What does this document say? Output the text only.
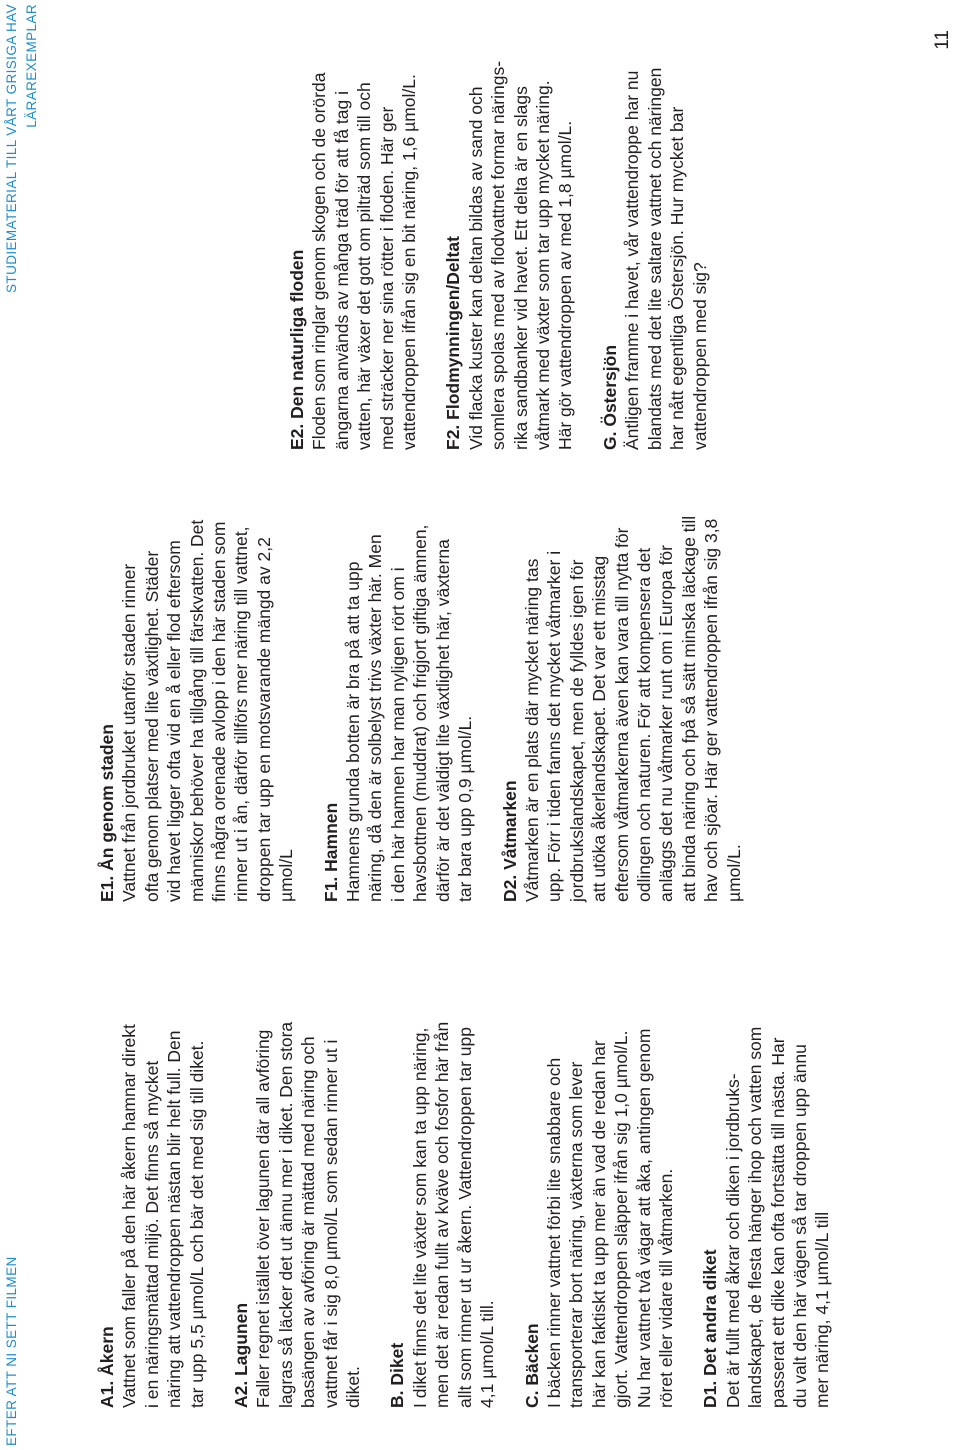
EFTER ATT NI SETT FILMEN
STUDIEMATERIAL TILL VÅRT GRISIGA HAV LÄRAREXEMPLAR
A1. Åkern Vattnet som faller på den här åkern hamnar direkt i en näringsmättad miljö. Det finns så mycket näring att vattendroppen nästan blir helt full. Den tar upp 5,5 µmol/L och bär det med sig till diket. A2. Lagunen Faller regnet istället över lagunen där all avföring lagras så läcker det ut ännu mer i diket. Den stora basängen av avföring är mättad med näring och vattnet får i sig 8,0 µmol/L som sedan rinner ut i diket. B. Diket I diket finns det lite växter som kan ta upp näring, men det är redan fullt av kväve och fosfor här från allt som rinner ut ur åkern. Vattendroppen tar upp 4,1 µmol/L till. C. Bäcken I bäcken rinner vattnet förbi lite snabbare och transporterar bort näring, växterna som lever här kan faktiskt ta upp mer än vad de redan har gjort. Vattendroppen släpper ifrån sig 1,0 µmol/L. Nu har vattnet två vägar att åka, antingen genom röret eller vidare till våtmarken. D1. Det andra diket Det är fullt med åkrar och diken i jordbruks- landskapet, de flesta hänger ihop och vatten som passerat ett dike kan ofta fortsätta till nästa. Har du valt den här vägen så tar droppen upp ännu mer näring, 4,1 µmol/L till

E1. Ån genom staden Vattnet från jordbruket utanför staden rinner ofta genom platser med lite växtlighet. Städer vid havet ligger ofta vid en å eller flod eftersom människor behöver ha tillgång till färskvatten. Det finns några orenade avlopp i den här staden som rinner ut i ån, därför tillförs mer näring till vattnet, droppen tar upp en motsvarande mängd av 2,2 µmol/L F1. Hamnen Hamnens grunda botten är bra på att ta upp näring, då den är solbelyst trivs växter här. Men i den här hamnen har man nyligen rört om i havsbottnen (muddrat) och frigjort giftiga ämnen, därför är det väldigt lite växtlighet här, växterna tar bara upp 0,9 µmol/L. D2. Våtmarken Våtmarken är en plats där mycket näring tas upp. Förr i tiden fanns det mycket våtmarker i jordbrukslandskapet, men de fylldes igen för att utöka åkerlandskapet. Det var ett misstag eftersom våtmarkerna även kan vara till nytta för odlingen och naturen. För att kompensera det anläggs det nu våtmarker runt om i Europa för att binda näring och fpå så sätt minska läckage till hav och sjöar. Här ger vattendroppen ifrån sig 3,8 µmol/L.

E2. Den naturliga floden Floden som ringlar genom skogen och de orörda ängarna används av många träd för att få tag i vatten, här växer det gott om pilträd som till och med sträcker ner sina rötter i floden. Här ger vattendroppen ifrån sig en bit näring, 1,6 µmol/L. F2. Flodmynningen/Deltat Vid flacka kuster kan deltan bildas av sand och somlera spolas med av flodvattnet formar närings- rika sandbanker vid havet. Ett delta är en slags våtmark med växter som tar upp mycket näring. Här gör vattendroppen av med 1,8 µmol/L. G. Östersjön Äntligen framme i havet, vår vattendroppe har nu blandats med det lite saltare vattnet och näringen har nått egentliga Östersjön. Hur mycket bar vattendroppen med sig?

11
